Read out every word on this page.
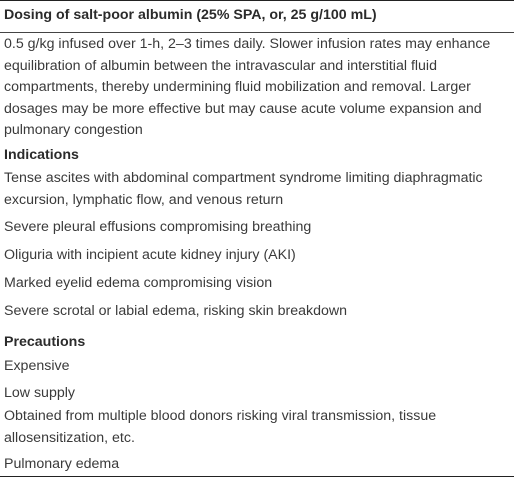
Dosing of salt-poor albumin (25% SPA, or, 25 g/100 mL)
0.5 g/kg infused over 1-h, 2–3 times daily. Slower infusion rates may enhance equilibration of albumin between the intravascular and interstitial fluid compartments, thereby undermining fluid mobilization and removal. Larger dosages may be more effective but may cause acute volume expansion and pulmonary congestion
Indications
Tense ascites with abdominal compartment syndrome limiting diaphragmatic excursion, lymphatic flow, and venous return
Severe pleural effusions compromising breathing
Oliguria with incipient acute kidney injury (AKI)
Marked eyelid edema compromising vision
Severe scrotal or labial edema, risking skin breakdown
Precautions
Expensive
Low supply
Obtained from multiple blood donors risking viral transmission, tissue allosensitization, etc.
Pulmonary edema
